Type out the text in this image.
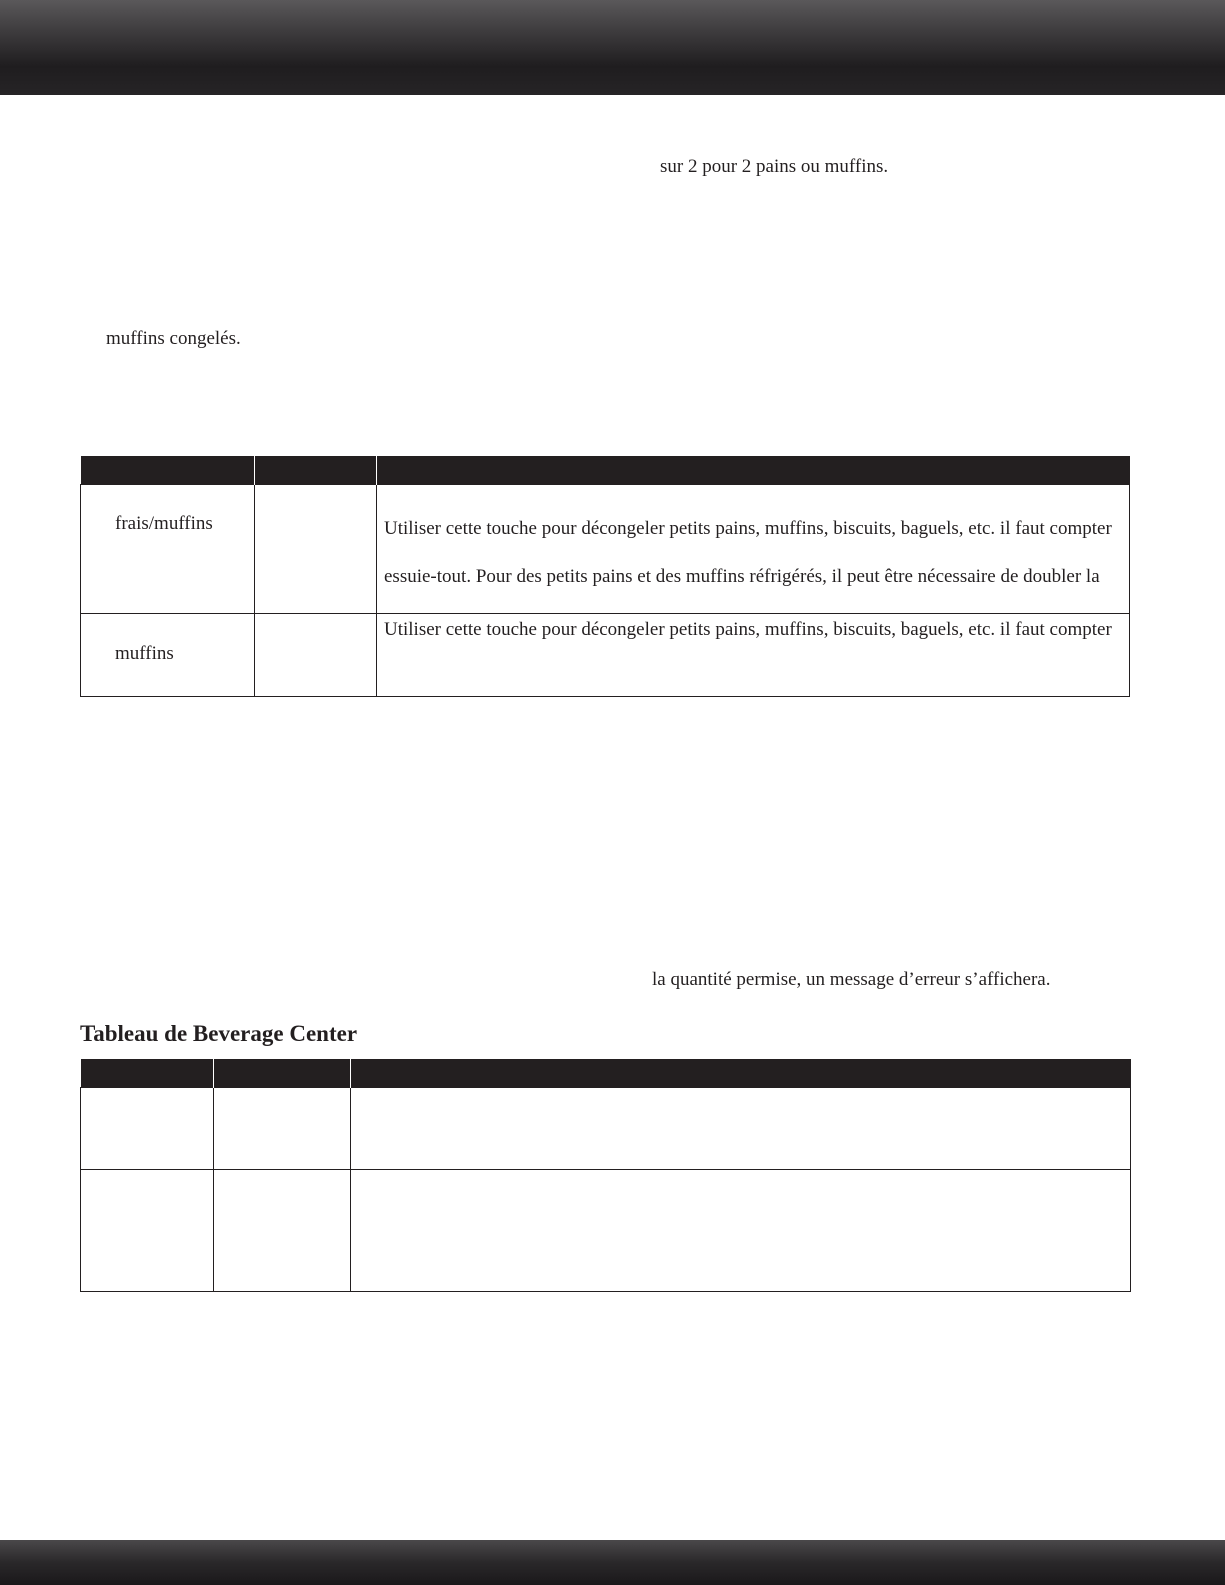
sur 2 pour 2 pains ou muffins.
muffins congelés.

frais/muffins		Utiliser cette touche pour décongeler petits pains, muffins, biscuits, baguels, etc. il faut compter
essuie-tout. Pour des petits pains et des muffins réfrigérés, il peut être nécessaire de doubler la

muffins		Utiliser cette touche pour décongeler petits pains, muffins, biscuits, baguels, etc. il faut compter
la quantité permise, un message d’erreur s’affichera.
Tableau de Beverage Center
